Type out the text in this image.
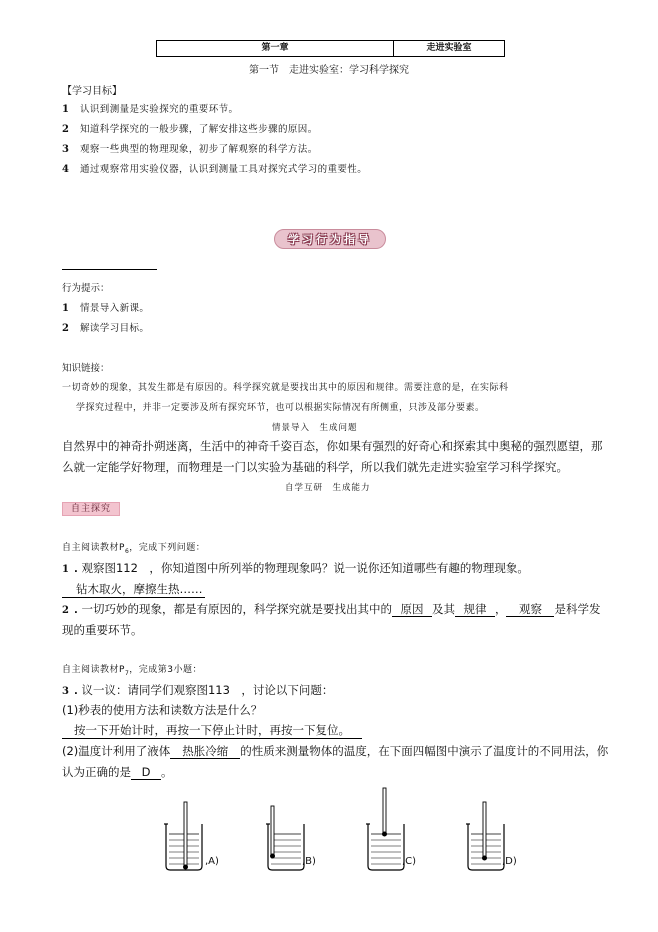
第一章	走进实验室
第一节　走进实验室：学习科学探究
【学习目标】
1 认识到测量是实验探究的重要环节。
2 知道科学探究的一般步骤，了解安排这些步骤的原因。
3 观察一些典型的物理现象，初步了解观察的科学方法。
4 通过观察常用实验仪器，认识到测量工具对探究式学习的重要性。
学习行为指导
行为提示：
1 情景导入新课。
2 解读学习目标。
知识链接：
一切奇妙的现象，其发生都是有原因的。科学探究就是要找出其中的原因和规律。需要注意的是，在实际科
学探究过程中，并非一定要涉及所有探究环节，也可以根据实际情况有所侧重，只涉及部分要素。
情景导入　生成问题
自然界中的神奇扑朔迷离，生活中的神奇千姿百态，你如果有强烈的好奇心和探索其中奥秘的强烈愿望，那
么就一定能学好物理，而物理是一门以实验为基础的科学，所以我们就先走进实验室学习科学探究。
自学互研　生成能力
自主探究
自主阅读教材$P_6$，完成下列问题：
1 . 观察图112　，你知道图中所列举的物理现象吗？说一说你还知道哪些有趣的物理现象。
钻木取火，摩擦生热……
2 . 一切巧妙的现象，都是有原因的，科学探究就是要找出其中的 原因 及其 规律 ， 观察 是科学发
现的重要环节。
自主阅读教材$P_7$，完成第3小题：
3 . 议一议：请同学们观察图113　，讨论以下问题：
(1)秒表的使用方法和读数方法是什么？
按一下开始计时，再按一下停止计时，再按一下复位。
(2)温度计利用了液体 热胀冷缩 的性质来测量物体的温度，在下面四幅图中演示了温度计的不同用法，你
认为正确的是 D 。
,A)	,B)	,C)	,D)
